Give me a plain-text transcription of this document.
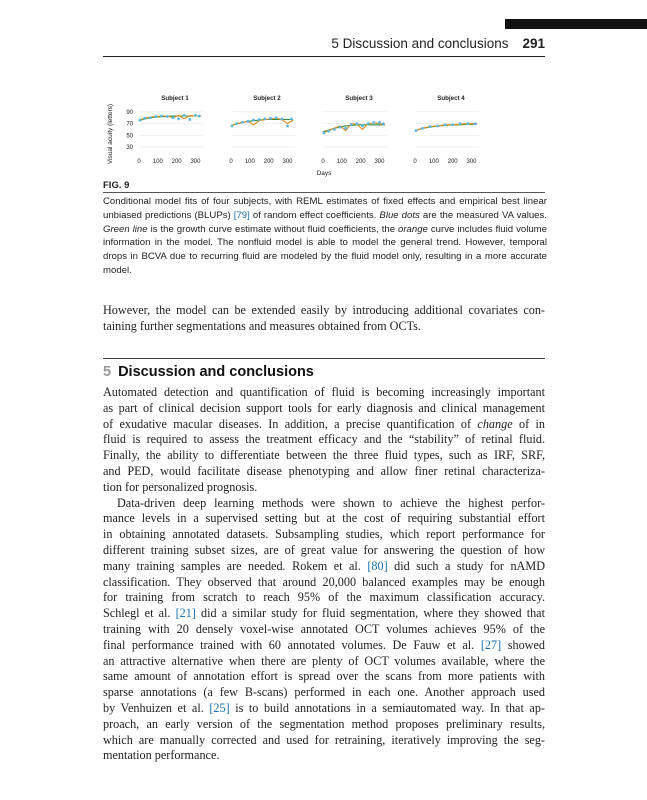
5 Discussion and conclusions 291
Visual acuity (letters) 90
70
50
30
Subject 1
0 100 200 300
Subject 2
0 100 200 300
Subject 3
0 100 200 300
Subject 4
0 100 200 300
Days
FIG. 9
Conditional model fits of four subjects, with REML estimates of fixed effects and empirical best linear unbiased predictions (BLUPs) [79] of random effect coefficients. Blue dots are the measured VA values. Green line is the growth curve estimate without fluid coefficients, the orange curve includes fluid volume information in the model. The nonfluid model is able to model the general trend. However, temporal drops in BCVA due to recurring fluid are modeled by the fluid model only, resulting in a more accurate model.
However, the model can be extended easily by introducing additional covariates con-
taining further segmentations and measures obtained from OCTs.
5 Discussion and conclusions
Automated detection and quantification of fluid is becoming increasingly important
as part of clinical decision support tools for early diagnosis and clinical management
of exudative macular diseases. In addition, a precise quantification of change of in
fluid is required to assess the treatment efficacy and the “stability” of retinal fluid.
Finally, the ability to differentiate between the three fluid types, such as IRF, SRF,
and PED, would facilitate disease phenotyping and allow finer retinal characteriza-
tion for personalized prognosis.
Data-driven deep learning methods were shown to achieve the highest perfor-
mance levels in a supervised setting but at the cost of requiring substantial effort
in obtaining annotated datasets. Subsampling studies, which report performance for
different training subset sizes, are of great value for answering the question of how
many training samples are needed. Rokem et al. [80] did such a study for nAMD
classification. They observed that around 20,000 balanced examples may be enough
for training from scratch to reach 95% of the maximum classification accuracy.
Schlegl et al. [21] did a similar study for fluid segmentation, where they showed that
training with 20 densely voxel-wise annotated OCT volumes achieves 95% of the
final performance trained with 60 annotated volumes. De Fauw et al. [27] showed
an attractive alternative when there are plenty of OCT volumes available, where the
same amount of annotation effort is spread over the scans from more patients with
sparse annotations (a few B-scans) performed in each one. Another approach used
by Venhuizen et al. [25] is to build annotations in a semiautomated way. In that ap-
proach, an early version of the segmentation method proposes preliminary results,
which are manually corrected and used for retraining, iteratively improving the seg-
mentation performance.
